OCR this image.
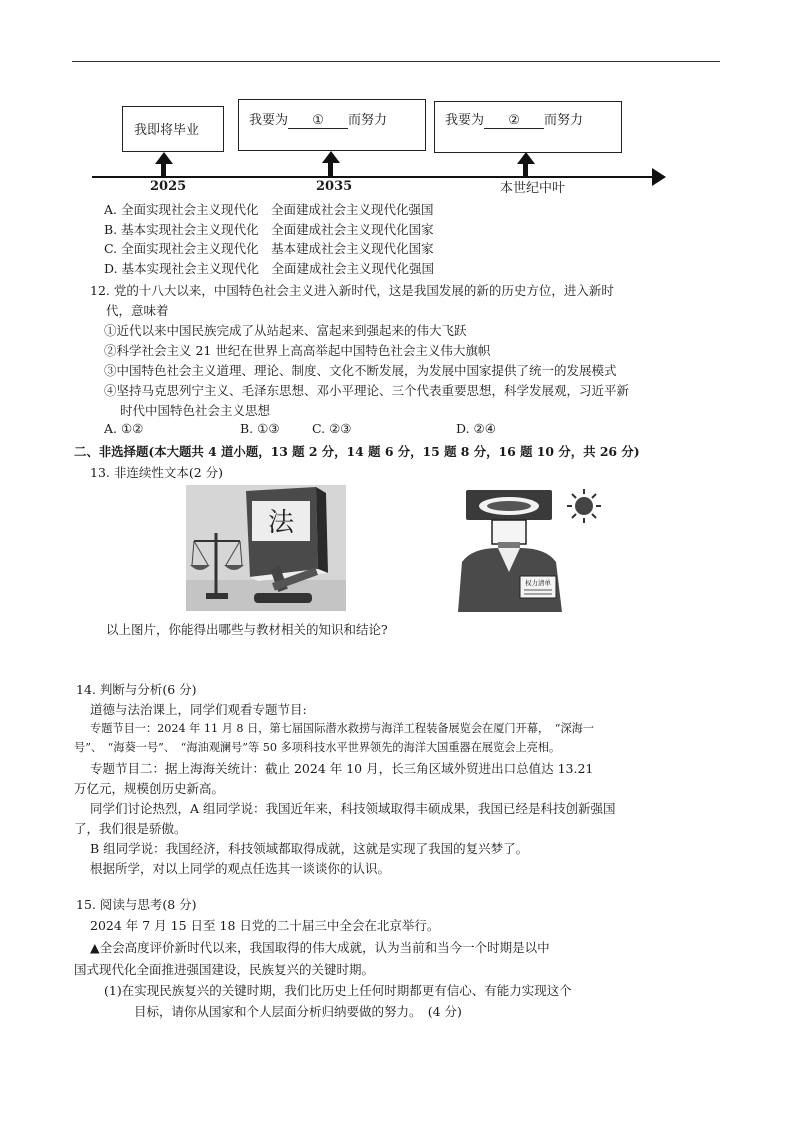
我即将毕业
我要为 ① 而努力	我要为 ② 而努力
2025	2035	本世纪中叶
A. 全面实现社会主义现代化　全面建成社会主义现代化强国
B. 基本实现社会主义现代化　全面建成社会主义现代化国家
C. 全面实现社会主义现代化　基本建成社会主义现代化国家
D. 基本实现社会主义现代化　全面建成社会主义现代化强国
12. 党的十八大以来，中国特色社会主义进入新时代，这是我国发展的新的历史方位，进入新时
代，意味着
①近代以来中国民族完成了从站起来、富起来到强起来的伟大飞跃
②科学社会主义 21 世纪在世界上高高举起中国特色社会主义伟大旗帜
③中国特色社会主义道理、理论、制度、文化不断发展，为发展中国家提供了统一的发展模式
④坚持马克思列宁主义、毛泽东思想、邓小平理论、三个代表重要思想，科学发展观，习近平新
时代中国特色社会主义思想
A. ①②	B. ①③	C. ②③	D. ②④
二、非选择题(本大题共 4 道小题，13 题 2 分，14 题 6 分，15 题 8 分，16 题 10 分，共 26 分)
13. 非连续性文本(2 分)
法
权力清单
以上图片，你能得出哪些与教材相关的知识和结论?
14. 判断与分析(6 分)
道德与法治课上，同学们观看专题节目:
专题节目一：2024 年 11 月 8 日，第七届国际潜水救捞与海洋工程装备展览会在厦门开幕，　“深海一
号”、　“海葵一号”、　“海油观澜号”等 50 多项科技水平世界领先的海洋大国重器在展览会上亮相。
专题节目二：据上海海关统计：截止 2024 年 10 月，长三角区域外贸进出口总值达 13.21
万亿元，规模创历史新高。
同学们讨论热烈，A 组同学说：我国近年来，科技领域取得丰硕成果，我国已经是科技创新强国
了，我们很是骄傲。
B 组同学说：我国经济，科技领域都取得成就，这就是实现了我国的复兴梦了。
根据所学，对以上同学的观点任选其一谈谈你的认识。
15. 阅读与思考(8 分)
2024 年 7 月 15 日至 18 日党的二十届三中全会在北京举行。
▲全会高度评价新时代以来，我国取得的伟大成就，认为当前和当今一个时期是以中
国式现代化全面推进强国建设，民族复兴的关键时期。
(1)在实现民族复兴的关键时期，我们比历史上任何时期都更有信心、有能力实现这个
目标，请你从国家和个人层面分析归纳要做的努力。　(4 分)
